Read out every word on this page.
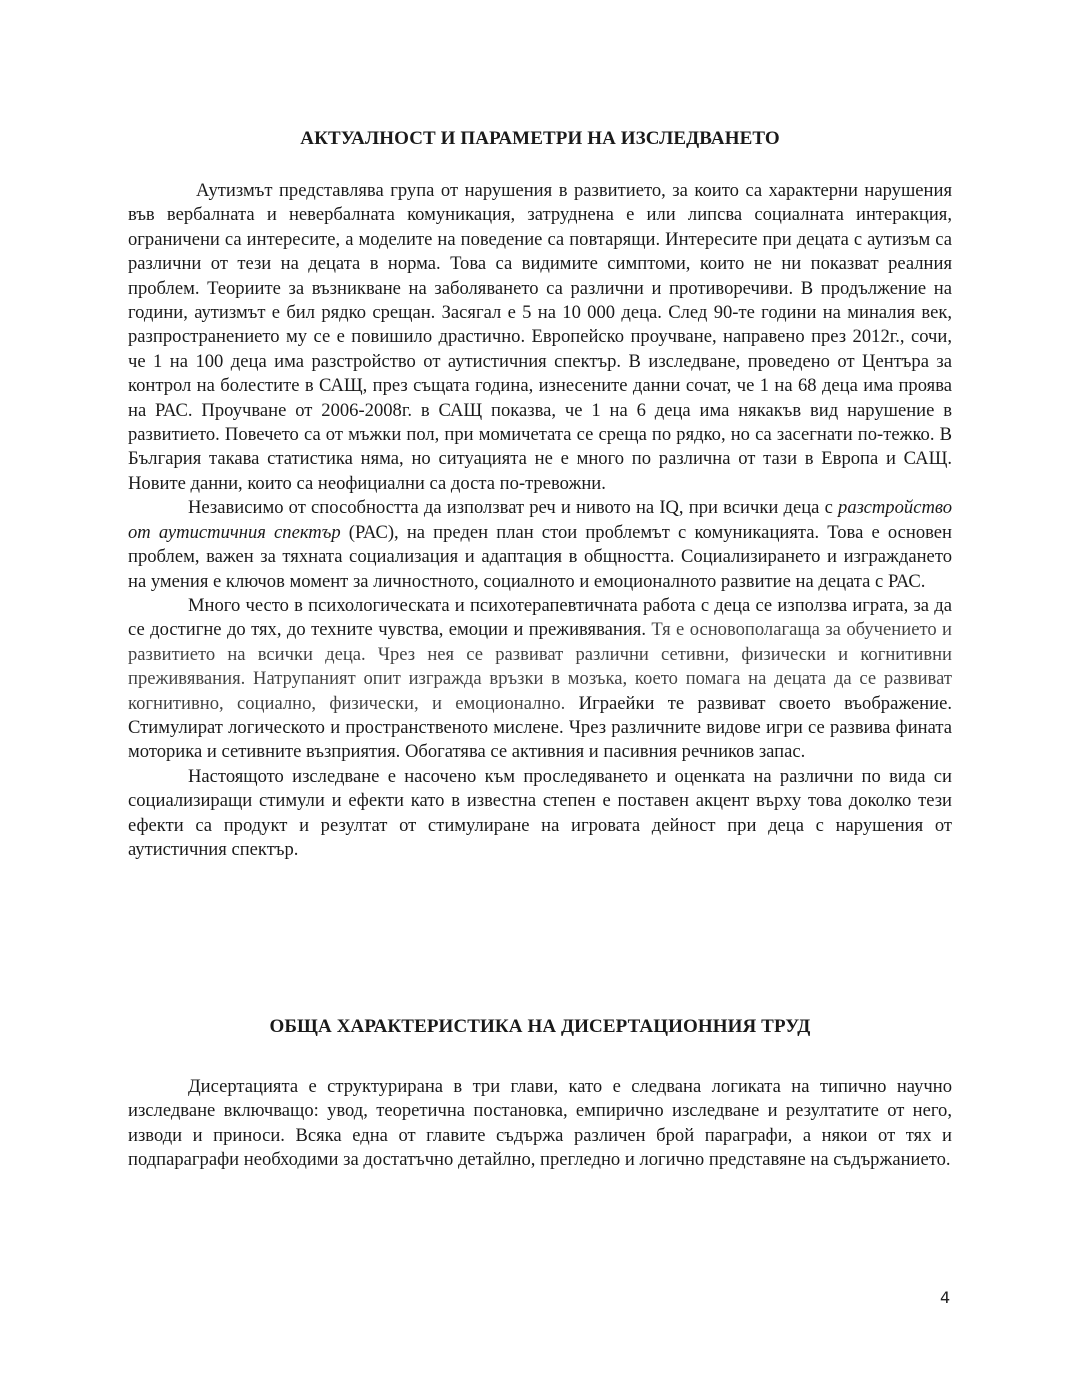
АКТУАЛНОСТ И ПАРАМЕТРИ НА ИЗСЛЕДВАНЕТО

Аутизмът представлява група от нарушения в развитието, за които са характерни нарушения във вербалната и невербалната комуникация, затруднена е или липсва социалната интеракция, ограничени са интересите, а моделите на поведение са повтарящи. Интересите при децата с аутизъм са различни от тези на децата в норма. Това са видимите симптоми, които не ни показват реалния проблем. Теориите за възникване на заболяването са различни и противоречиви. В продължение на години, аутизмът е бил рядко срещан. Засягал е 5 на 10 000 деца. След 90-те години на миналия век, разпространението му се е повишило драстично. Европейско проучване, направено през 2012г., сочи, че 1 на 100 деца има разстройство от аутистичния спектър. В изследване, проведено от Центъра за контрол на болестите в САЩ, през същата година, изнесените данни сочат, че 1 на 68 деца има проява на РАС. Проучване от 2006-2008г. в САЩ показва, че 1 на 6 деца има някакъв вид нарушение в развитието. Повечето са от мъжки пол, при момичетата се среща по рядко, но са засегнати по-тежко. В България такава статистика няма, но ситуацията не е много по различна от тази в Европа и САЩ. Новите данни, които са неофициални са доста по-тревожни.

Независимо от способността да използват реч и нивото на IQ, при всички деца с разстройство от аутистичния спектър (РАС), на преден план стои проблемът с комуникацията. Това е основен проблем, важен за тяхната социализация и адаптация в общността. Социализирането и изграждането на умения е ключов момент за личностното, социалното и емоционалното развитие на децата с РАС.

Много често в психологическата и психотерапевтичната работа с деца се използва играта, за да се достигне до тях, до техните чувства, емоции и преживявания. Тя е основополагаща за обучението и развитието на всички деца. Чрез нея се развиват различни сетивни, физически и когнитивни преживявания. Натрупаният опит изгражда връзки в мозъка, което помага на децата да се развиват когнитивно, социално, физически, и емоционално. Играейки те развиват своето въображение. Стимулират логическото и пространственото мислене. Чрез различните видове игри се развива фината моторика и сетивните възприятия. Обогатява се активния и пасивния речников запас.

Настоящото изследване е насочено към проследяването и оценката на различни по вида си социализиращи стимули и ефекти като в известна степен е поставен акцент върху това доколко тези ефекти са продукт и резултат от стимулиране на игровата дейност при деца с нарушения от аутистичния спектър.

ОБЩА ХАРАКТЕРИСТИКА НА ДИСЕРТАЦИОННИЯ ТРУД

Дисертацията е структурирана в три глави, като е следвана логиката на типично научно изследване включващо: увод, теоретична постановка, емпирично изследване и резултатите от него, изводи и приноси. Всяка една от главите съдържа различен брой параграфи, а някои от тях и подпараграфи необходими за достатъчно детайлно, прегледно и логично представяне на съдържанието.

4
